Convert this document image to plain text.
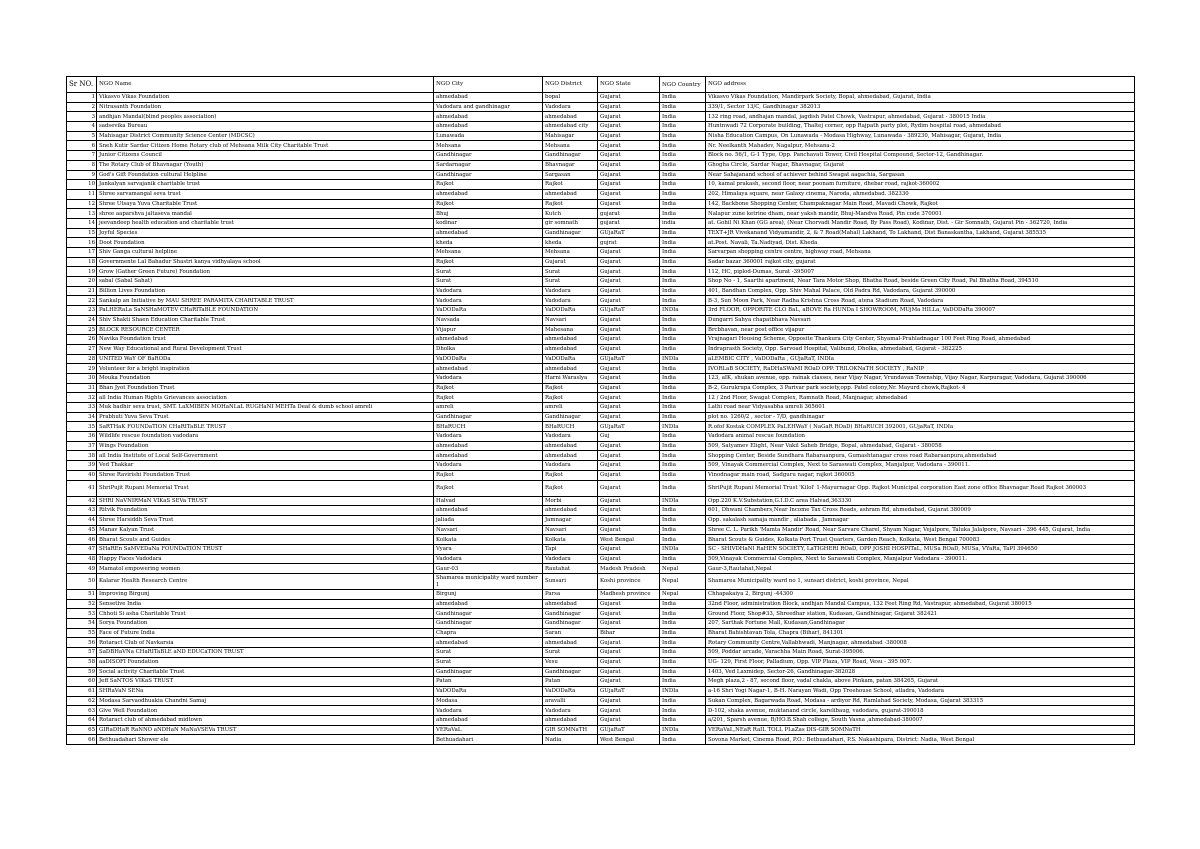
Sr NO.	NGO Name	NGO City	NGO District	NGO State	NGO Country	NGO address
1	Vikasvo Vikas Foundation	ahmedabad	bopal	Gujarat	India	Vikasvo Vikas Foundation, Mandirpark Society, Bopal, ahmedabad, Gujarat, India
2	Nitrasanth Foundation	Vadodara and gandhinagar	Vadodara	Gujarat	India	339/1, Sector 13/C, Gandhinagar 382013
3	andhjan Mandal(blind peoples association)	ahmedabad	ahmedabad	Gujarat	India	132 ring road, andhajan mandal, jagdish Patel Chowk, Vastrapur, ahmedabad, Gujarat - 380015 India
4	sadsevika Bureau	ahmedabad	ahmedabad city	Gujarat	India	Huntnwadi 72 Corporate building, Thaltej corner, opp Rajpath party plot, Rydim hospital road, ahmedabad
5	Mahisagar District Community Science Center (MDCSC)	Lunawada	Mahisagar	Gujarat	India	Nisha Education Campus, On Lunawada - Modasa Highway, Lunawada - 389230, Mahisagar, Gujarat, India
6	Sneh Kutir Sardar Citizen Home Rotary club of Mehsana Milk City Charitable Trust	Mehsana	Mehsana	Gujarat	India	Nr. Neelkanth Mahadev, Nagalpur, Mehsana-2
7	Junior Citizens Council	Gandhinagar	Gandhinagar	Gujarat	India	Block no. 56/1, G-1 Type, Opp. Panchavati Tower, Civil Hospital Compound, Sector-12, Gandhinagar.
8	The Rotary Club of Bhavnagar (Youth)	Sardarnagar	Bhavnagar	Gujarat	India	Ghogha Circle, Sardar Nagar, Bhavnagar, Gujarat
9	God's Gift Foundation cultural Helpline	Gandhinagar	Sargasan	Gujarat	India	Near Sahajanand school of achiever behind Swagat aagachia, Sargasan
10	Jankalyan sarvajanik charitable trust	Rajkot	Rajkot	Gujarat	India	10, kamal prakash, second floor, near poonam furniture, dhebar road, rajkot-360002
11	Shree sarvamangal seva trust	ahmedabad	ahmedabad	Gujarat	India	202, Himalaya square, near Galaxy cinema, Naroda, ahmedabad. 382330
12	Shree Utsaya Yuva Charitable Trust	Rajkot	Rajkot	Gujarat	India	142, Backbone Shopping Center, Champaknagar Main Road, Mavadi Chowk, Rajkot
13	shree aaparshva jaltaseva mandal	Bhuj	Kutch	gujarat	India	Nalapur zune ketrine dham, near yaksh mandir, Bhuj-Mandva Road, Pin code 370001
14	jeevandeep health education and charitable trust	kodinar	gir somnath	gujarat	india	at. Gohil Ni Khan (GG area), (Near Chorvadi Mandir Road, By Pass Road), Kodinar, Dist. - Gir Somnath, Gujarat Pin - 362720, India
15	Joyful Species	ahmedabad	Gandhinagar	GUjaRaT	India	TEXT+JR Vivekanand Vidyamandir, 2, & 7 Road(Mahal) Lakhand, To Lakhand, Dist Banaskantha, Lakhand, Gujarat 385535
16	Doot Foundation	kheda	kheda	gujrat	India	at.Post. Navali, Ta.Nadiyad, Dist. Kheda
17	Shiv Ganga cultural helpline	Mehsana	Mehsana	Gujarat	India	Sarvarpan shopping centre centre, highway road, Mehsana
18	Governmente Lal Bahadur Shastri kanya vidhyalaya school	Rajkot	Gujarat	Gujarat	India	Sadar bazar 360001 rajkot city, gujarat
19	Grow (Gather Green Future) Foundation	Surat	Surat	Gujarat	India	112, HC, piplod-Dumas, Surat -395007
20	sabal (Sabal Sahat)	Surat	Surat	Gujarat	India	Shop No - 1, Saarthi apartment, Near Tara Motor Shop, Bhatha Road, beside Green City Road, Pal Bhatha Road, 394510
21	Billion Lives Foundation	Vadodara	Vadodara	Gujarat	India	401, Bandhan Complex, Opp. Shiv Mahal Palace, Old Padra Rd, Vadodara, Gujarat 390000
22	Sankalp an Initiative by MAU SHREE PARAMITA CHARITABLE TRUST	Vadodara	Vadodara	Gujarat	India	B-3, Sun Moon Park, Near Radha Krishna Cross Road, atena Stadium Road, Vadodara
23	PaLHERaLa SaNSHaMOTEV CHaRITaBLE FOUNDATION	VaDODaRa	VaDODaRa	GUjaRaT	INDIa	3rd FLOOR, OPPORITE CLO BaL, aBOVE Ra HUNDa I SHOWROOM, MUjMa HILLa, VaDODaRa 390007
24	Shiv Shakti Shaen Education Charitable Trust	Navsada	Navsari	Gujarat	India	Dungarri Sahya chapatbhava Navsari
25	BLOCK RESOURCE CENTER	Vijapur	Mahesana	Gujarat	India	Brcbhavan, near post office vijapur
26	Navika Foundation trust	ahmedabad	ahmedabad	Gujarat	India	Vrajnagari Housing Scheme, Opposite Thankura City Center, Shyamal-Prahladnagar 100 Feet Ring Road, ahmedabad
27	New Way Educational and Rural Development Trust	Dholka	ahmedabad	Gujarat	India	Indraprasth Society, Opp. Sarvoad Hospital, Valibund, Dholka, ahmedabad, Gujarat - 382225
28	UNITED WaY OF BaRODa	VaDODaRa	VaDODaRa	GUjaRaT	INDIa	aLEMBIC CITY , VaDODaRa , GUjaRaT, INDIa
29	Volunteer for a bright inspiration	ahmedabad	ahmedabad	Gujarat	India	IVORLaB SOCIETY, RaDHaSWaMI ROaD OPP. TRILOKNaTH SOCIETY , RaNIP
30	Mouka Foundation	Vadodara	Harni Waraslya	Gujarat	India	123, aIK, shukan avenue, opp. rainak classes, near Vijay Nagar, Vrundavan Township, Vijay Nagar, Karpuragar, Vadodara, Gujarat 390006
31	Bhan Jyot Foundation Trust	Rajkot	Rajkot	Gujarat	India	B-2, Gurukrupa Complex, 3 Parivar park society,opp. Patel colony,Nr. Mayurd chowk,Rajkot- 4
32	all India Human Rights Grievances association	Rajkot	Rajkot	Gujarat	India	12 / 2nd Floor, Swagat Complex, Ramnath Road, Manjnagar, ahmedabad
33	Muk badhir seva trust, SMT. LaXMIBEN MOHaNLaL RUGHaNI MEHTa Deaf & dumb school amreli	amreli	amreli	Gujarat	India	Lathi road near Vidyasabha amreli 365601
34	Prabhuti Yuva Seva Trust	Gandhinagar	Gandhinagar	Gujarat	India	plot no. 1260/2 , sector - 7/D, gandhinagar
35	SaRTHaK FOUNDaTION CHaRITaBLE TRUST	BHaRUCH	BHaRUCH	GUjaRaT	INDIa	R.ofof Kostak COMPLEX PaLEHWaY ( NaGaR ROaD) BHaRUCH 392001, GUjaRaT, INDIa
36	Wildlife rescue foundation vadodara	Vadodara	Vadodara	Guj	India	Vadodara animal rescue foundation
37	Wings Foundation	ahmedabad	ahmedabad	Gujarat	India	509, Satyamev Elight, Near Vakil Saheb Bridge, Bopal, ahmedabad, Gujarat - 380058
38	all India Institute of Local Self-Government	ahmedabad	ahmedabad	Gujarat	India	Shopping Center, Beside Sundhara Rabaraanpura, Gumashtanagar cross road Rabaraanpura,ahmedabad
39	Ved Thakkar	Vadodara	Vadodara	Gujarat	India	509, Vinayak Commercial Complex, Next to Saraswati Complex, Manjalpur, Vadodara - 390011.
40	Shree Ravirishi Foundation Trust	Rajkot	Rajkot	Gujarat	India	Vinodnagar main road, Sadguru nagar, rajkot 360005
41	ShriPujit Rupani Memorial Trust	Rajkot	Rajkot	Gujarat	India	ShriPujit Rupani Memorial Trust 'Kilol' 1-Mayurnagar Opp. Rajkot Municipal corporation East zone office Bhavnagar Road Rajkot 360003
42	SHRI NaVNIRMaN VIKaS SEVa TRUST	Halvad	Morbi	Gujarat	INDIa	Opp.220 K.V.Substation,G.I.D.C area Halvad,363330
43	Ritvik Foundation	ahmedabad	ahmedabad	Gujarat	India	601, Dhwani Chambers,Near Income Tax Cross Roads, ashram Rd, ahmedabad, Gujarat 380009
44	Shree Harsiddh Seva Trust	jaliada	Jamnagar	Gujarat	India	Opp. sakalash samaja mandir , aliabada , Jamnagar
45	Manav Kalyan Trust	Navsari	Navsari	Gujarat	India	Shree C. L. Parikh 'Mamta Mandir' Road, Near Sarvare Charel, Shyam Nagar, Vejalpore, Taluka Jalalpore, Navsari - 396 445, Gujarat, India
46	Bharat Scouts and Guides	Kolkata	Kolkata	West Bengal	India	Bharat Scouts & Guides, Kolkata Port Trust Quarters, Garden Reach, Kolkata, West Bengal 700083
47	SHaREn SaMVEDaNa FOUNDaTION TRUST	Vyara	Tapi	Gujarat	INDIa	SC - SHIVDHaNI RaHEN SOCIETY, LaTIGHERI ROaD, OPP JOSHI HOSPITaL, MUSa ROaD, MUSa, VYaRa, TaPI 394650
48	Happy Faces Vadodara	Vadodara	Vadodara	Gujarat	India	509,Vinayak Commercial Complex, Next to Saraswati Complex, Manjalpur Vadodara - 390011.
49	Mamatol empowering women	Gaur-03	Rautahat	Madesh Pradesh	Nepal	Gaur-3,Rautahat,Nepal
50	Kalarar Health Research Centre	Shamarea municipality ward number 1	Sunsari	Koshi province	Nepal	Shamarea Municipality ward no 1, sunsari district, koshi province, Nepal
51	Improving Birgunj	Birgunj	Parsa	Madhesh province	Nepal	Chhapakaiya 2, Birgunj -44300
52	Sensetive India	ahmedabad	ahmedabad	Gujarat	India	32nd Floor, administration Block, andhjan Mandal Campus, 132 Feet Ring Rd, Vastrapur, ahmedabad, Gujarat 380015
53	Chhoti Si asha Charitable Trust	Gandhinagar	Gandhinagar	Gujarat	India	Ground Floor, Shop#33, Shreedhar station, Kudasan, Gandhinagar, Gujarat 382421
54	Sorya Foundation	Gandhinagar	Gandhinagar	Gujarat	India	207, Sarthak Fortune Mall, Kudasan,Gandhinagar
55	Face of Future India	Chapra	Saran	Bihar	India	Bharat Bahishtavan Tola, Chapra (Bihar), 841301
56	Rotaract Club of Navkarsia	ahmedabad	ahmedabad	Gujarat	India	Rotary Community Centre,Vallabhwadi, Manjnagar, ahmedabad -380008
57	SaDBHaVNa CHaRITaBLE aND EDUCaTION TRUST	Surat	Surat	Gujarat	India	509, Poddar arcade, Varachha Main Road, Surat-395006.
58	aaDISOFI Foundation	Surat	Vesu	Gujarat	India	UG- 129, First Floor, Palladium, Opp. VIP Plaza, VIP Road, Vesu - 395 007.
59	Social activity Charitable Trust	Gandhinagar	Gandhinagar	Gujarat	India	1403, Ved Laxmidep, Sector-26, Gandhinagar-382028
60	Jeff SaNTOS VIKaS TRUST	Patan	Patan	Gujarat	India	Megh plaza,2 - 87, second floor, vadal chakla, above Pinkam, patan 384265, Gujarat
61	SHRaVaN SENa	VaDODaRa	VaDODaRa	GUjaRaT	INDIa	a-16 Shri Yogi Nagar-1, B-H. Narayan Wadi, Opp Treehouse School, atladra, Vadodara
62	Modasa Sarvaodhuakia Chandni Samaj	Modasa	aravalli	Gujarat	India	Sukan Complex, Bagarwada Road, Modasa - ardiyor Rd, Ramlahad Society, Modasa, Gujarat 383315
63	Give Well Foundation	Vadodara	Vadodara	Gujarat	India	D-102, shaka avenue, muktanand circle, karelibaug, vadodara, gujarat-390018
64	Rotaract club of ahmedabad midtown	ahmedabad	ahmedabad	Gujarat	India	a/201, Sparsh avenue, B/HO.B.Shah college, South Vasna ,ahmedabad-380007
65	GIRaDHaR RaNNO aNDHaN MaNaVSEVa TRUST	VERaVaL	GIR SOMNaTH	GUjaRaT	INDIa	VERaVaL,NEaR RaIL TOLL PLaZas DIS-GIR SOMNaTH
66	Bethuadahari Shower ele	Bethuadahari	Nadia	West Bengal	India	Sovona Market, Cinema Road, P.O.: Bethuadahari, P.S. Nakashipara, District: Nadia, West Bengal
